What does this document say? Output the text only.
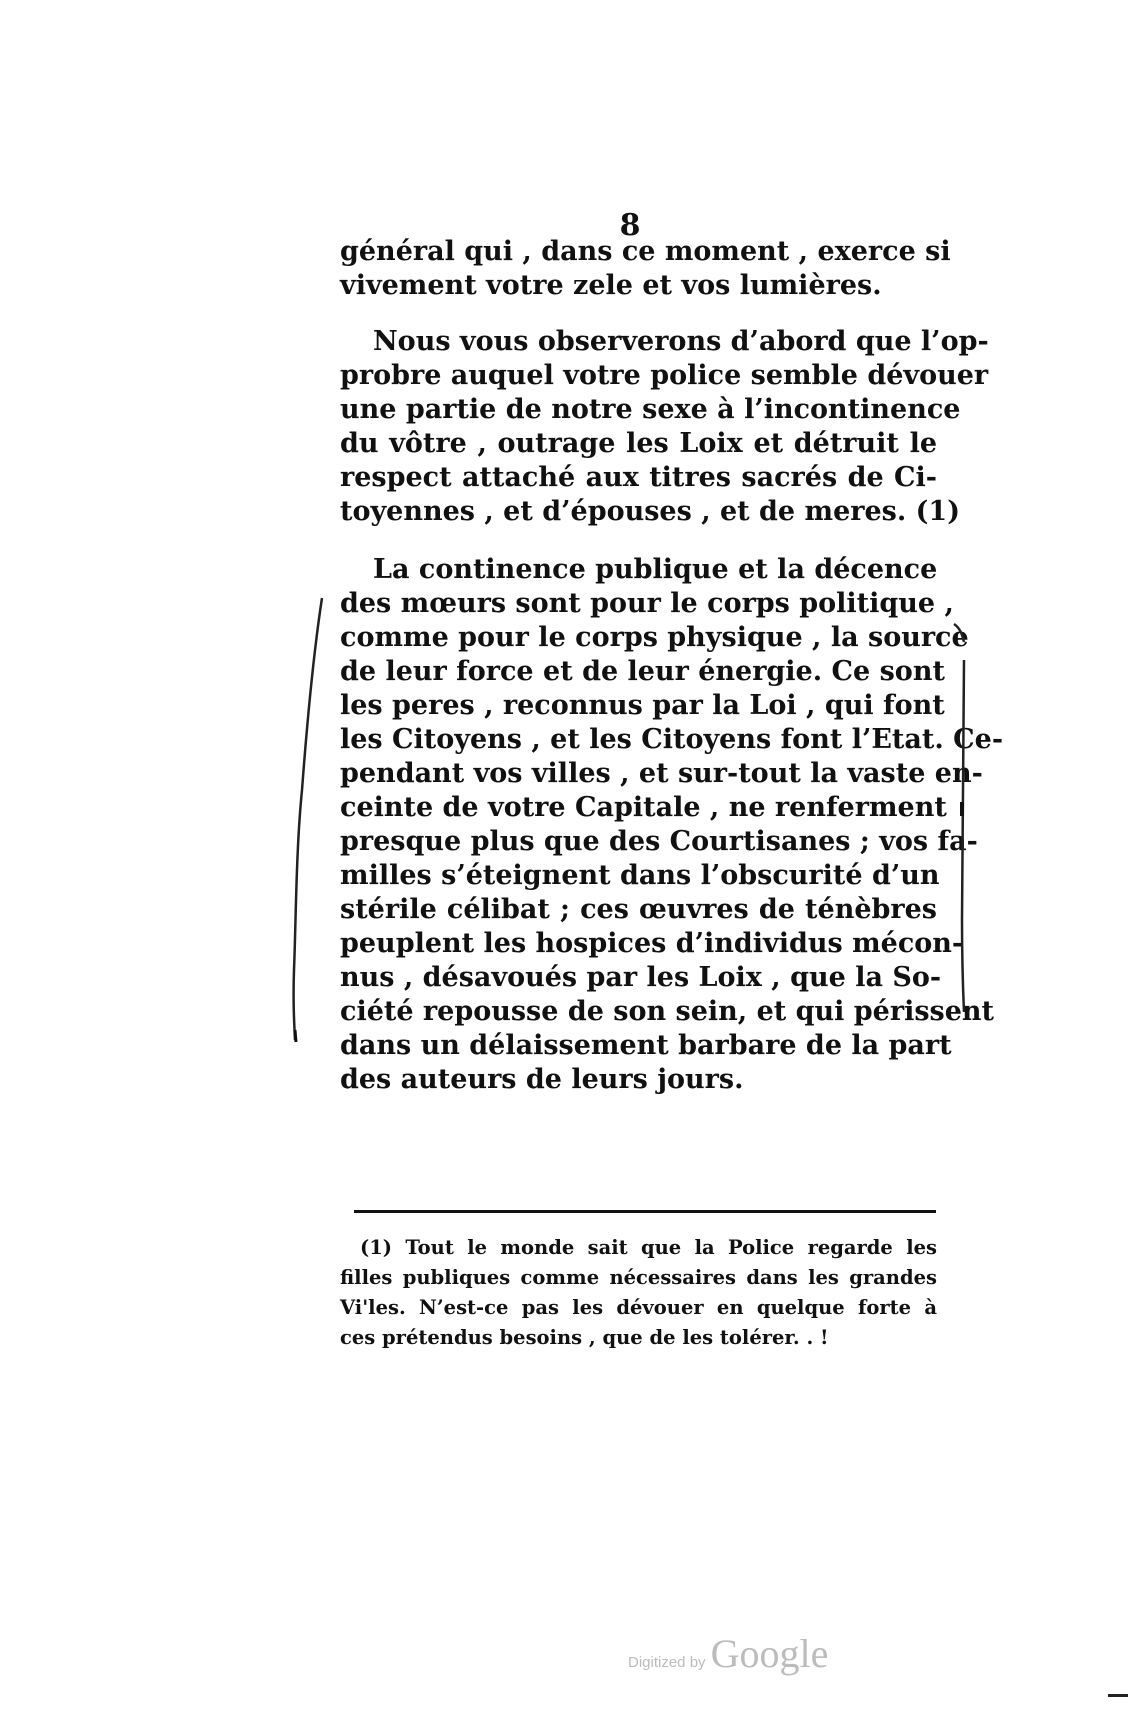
8
général qui , dans ce moment , exerce si
vivement votre zele et vos lumières.
Nous vous observerons d’abord que l’op-
probre auquel votre police semble dévouer
une partie de notre sexe à l’incontinence
du vôtre , outrage les Loix et détruit le
respect attaché aux titres sacrés de Ci-
toyennes , et d’épouses , et de meres. (1)
La continence publique et la décence
des mœurs sont pour le corps politique ,
comme pour le corps physique , la source
de leur force et de leur énergie. Ce sont
les peres , reconnus par la Loi , qui font
les Citoyens , et les Citoyens font l’Etat. Ce-
pendant vos villes , et sur-tout la vaste en-
ceinte de votre Capitale , ne renferment
presque plus que des Courtisanes ; vos fa-
milles s’éteignent dans l’obscurité d’un
stérile célibat ; ces œuvres de ténèbres
peuplent les hospices d’individus mécon-
nus , désavoués par les Loix , que la So-
ciété repousse de son sein, et qui périssent
dans un délaissement barbare de la part
des auteurs de leurs jours.
(1) Tout le monde sait que la Police regarde les
filles publiques comme nécessaires dans les grandes
Vi'les. N’est-ce pas les dévouer en quelque forte à
ces prétendus besoins , que de les tolérer. . !
Digitized by Google
